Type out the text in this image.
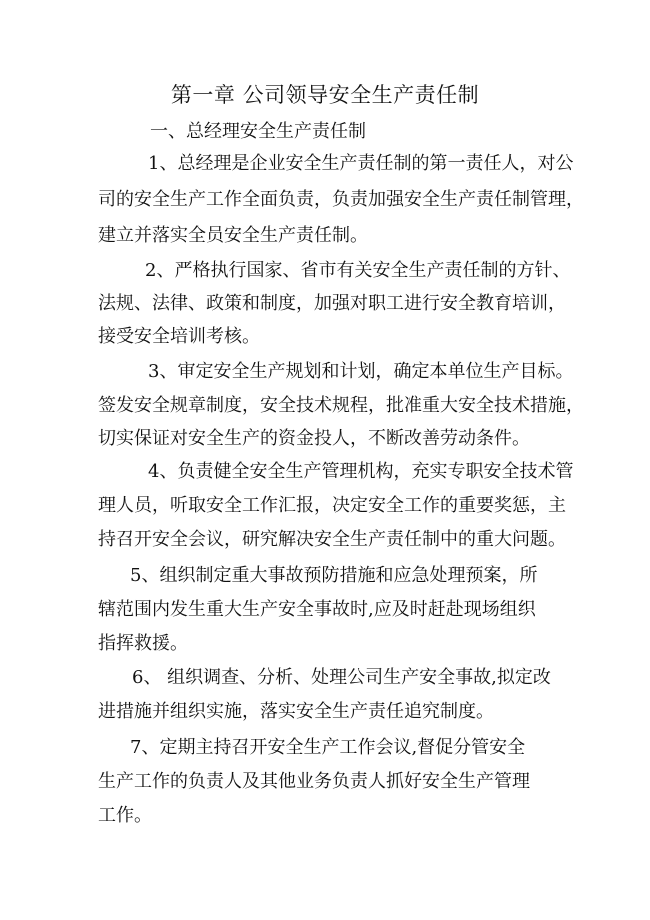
第一章 公司领导安全生产责任制
一、总经理安全生产责任制
1、总经理是企业安全生产责任制的第一责任人，对公
司的安全生产工作全面负责，负责加强安全生产责任制管理，
建立并落实全员安全生产责任制。
2、严格执行国家、省市有关安全生产责任制的方针、
法规、法律、政策和制度，加强对职工进行安全教育培训，
接受安全培训考核。
3、审定安全生产规划和计划，确定本单位生产目标。
签发安全规章制度，安全技术规程，批准重大安全技术措施，
切实保证对安全生产的资金投人，不断改善劳动条件。
4、负责健全安全生产管理机构，充实专职安全技术管
理人员，听取安全工作汇报，决定安全工作的重要奖惩，主
持召开安全会议，研究解决安全生产责任制中的重大问题。
5、组织制定重大事故预防措施和应急处理预案，所
辖范围内发生重大生产安全事故时,应及时赶赴现场组织
指挥救援。
6、 组织调查、分析、处理公司生产安全事故,拟定改
进措施并组织实施，落实安全生产责任追究制度。
7、定期主持召开安全生产工作会议,督促分管安全
生产工作的负责人及其他业务负责人抓好安全生产管理
工作。
